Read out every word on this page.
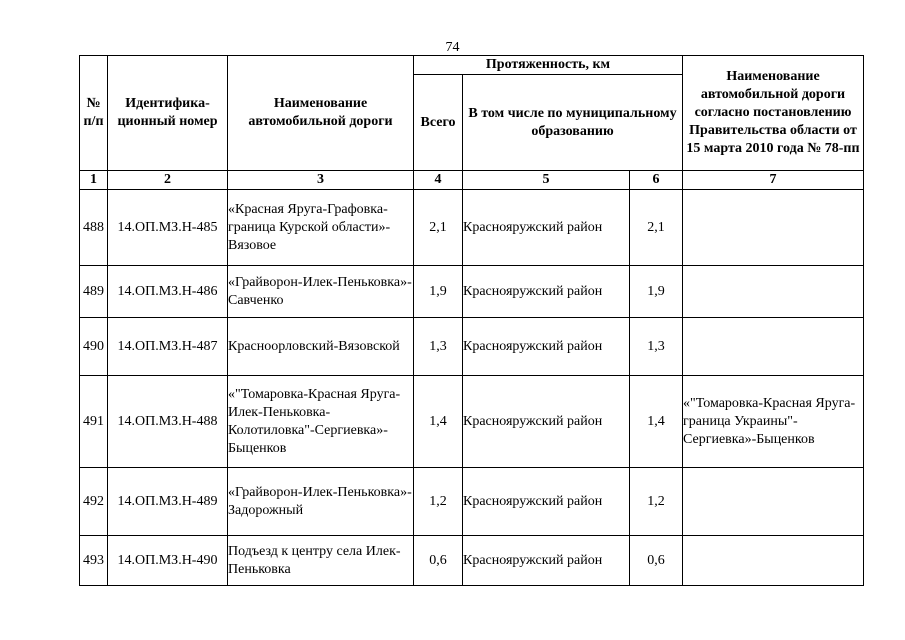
74
№ п/п	Идентифика-ционный номер	Наименование автомобильной дороги	Протяженность, км			Наименование автомобильной дороги согласно постановлению Правительства области от 15 марта 2010 года № 78-пп
			Всего	В том числе по муниципальному образованию		
1	2	3	4	5	6	7
488	14.ОП.МЗ.Н-485	«Красная Яруга-Графовка-граница Курской области»-Вязовое	2,1	Краснояружский район	2,1	
489	14.ОП.МЗ.Н-486	«Грайворон-Илек-Пеньковка»-Савченко	1,9	Краснояружский район	1,9	
490	14.ОП.МЗ.Н-487	Красноорловский-Вязовской	1,3	Краснояружский район	1,3	
491	14.ОП.МЗ.Н-488	«"Томаровка-Красная Яруга-Илек-Пеньковка-Колотиловка"-Сергиевка»-Быценков	1,4	Краснояружский район	1,4	«"Томаровка-Красная Яруга-граница Украины"-Сергиевка»-Быценков
492	14.ОП.МЗ.Н-489	«Грайворон-Илек-Пеньковка»- Задорожный	1,2	Краснояружский район	1,2	
493	14.ОП.МЗ.Н-490	Подъезд к центру села Илек-Пеньковка	0,6	Краснояружский район	0,6	
